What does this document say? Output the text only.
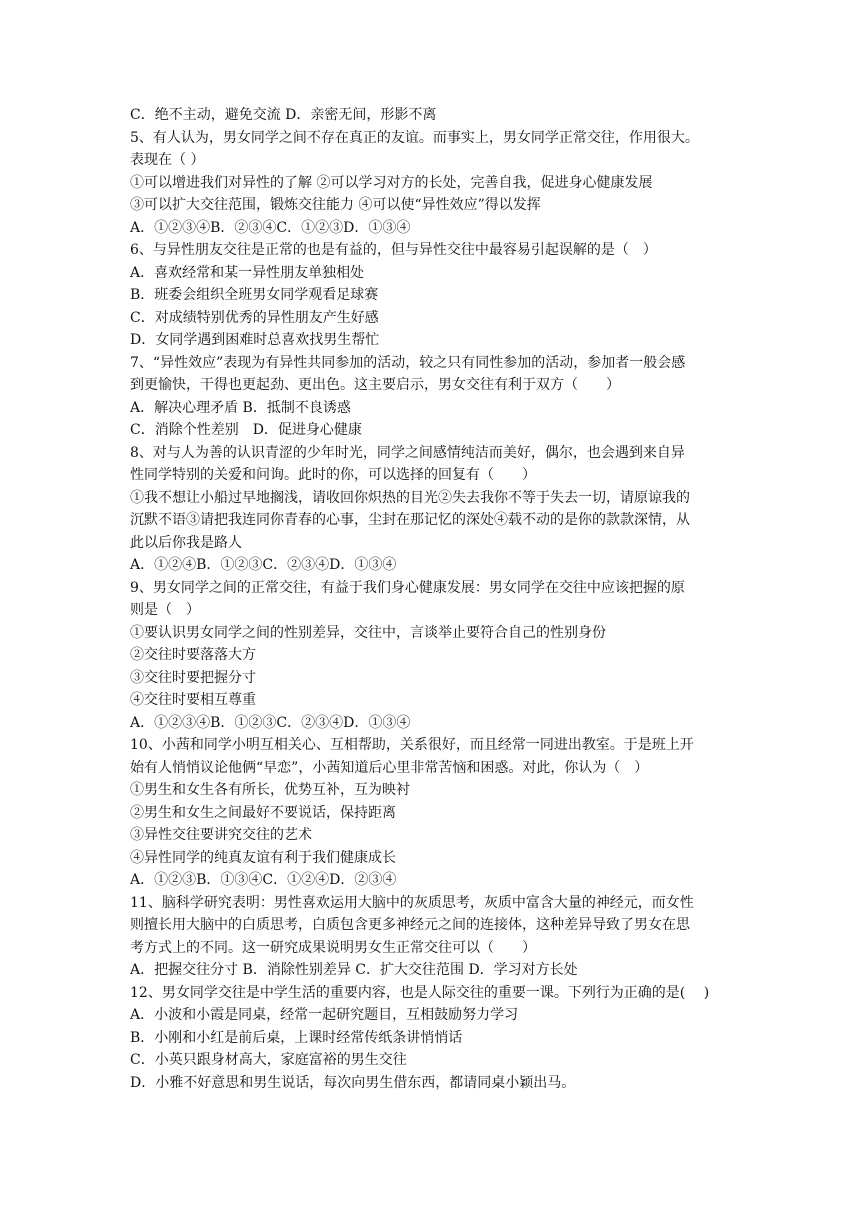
C．绝不主动，避免交流 D．亲密无间，形影不离
5、有人认为，男女同学之间不存在真正的友谊。而事实上，男女同学正常交往，作用很大。
表现在（ ）
①可以增进我们对异性的了解 ②可以学习对方的长处，完善自我，促进身心健康发展
③可以扩大交往范围，锻炼交往能力 ④可以使“异性效应”得以发挥
A．①②③④B．②③④C．①②③D．①③④
6、与异性朋友交往是正常的也是有益的，但与异性交往中最容易引起误解的是（　）
A．喜欢经常和某一异性朋友单独相处
B．班委会组织全班男女同学观看足球赛
C．对成绩特别优秀的异性朋友产生好感
D．女同学遇到困难时总喜欢找男生帮忙
7、“异性效应”表现为有异性共同参加的活动，较之只有同性参加的活动，参加者一般会感
到更愉快，干得也更起劲、更出色。这主要启示，男女交往有利于双方（　　）
A．解决心理矛盾 B．抵制不良诱惑
C．消除个性差别　D．促进身心健康
8、对与人为善的认识青涩的少年时光，同学之间感情纯洁而美好，偶尔，也会遇到来自异
性同学特别的关爱和问询。此时的你，可以选择的回复有（　　）
①我不想让小船过早地搁浅，请收回你炽热的目光②失去我你不等于失去一切，请原谅我的
沉默不语③请把我连同你青春的心事，尘封在那记忆的深处④载不动的是你的款款深情，从
此以后你我是路人
A．①②④B．①②③C．②③④D．①③④
9、男女同学之间的正常交往，有益于我们身心健康发展：男女同学在交往中应该把握的原
则是（　）
①要认识男女同学之间的性别差异，交往中，言谈举止要符合自己的性别身份
②交往时要落落大方
③交往时要把握分寸
④交往时要相互尊重
A．①②③④B．①②③C．②③④D．①③④
10、小茜和同学小明互相关心、互相帮助，关系很好，而且经常一同进出教室。于是班上开
始有人悄悄议论他俩“早恋”，小茜知道后心里非常苦恼和困惑。对此，你认为（　）
①男生和女生各有所长，优势互补，互为映衬
②男生和女生之间最好不要说话，保持距离
③异性交往要讲究交往的艺术
④异性同学的纯真友谊有利于我们健康成长
A．①②③B．①③④C．①②④D．②③④
11、脑科学研究表明：男性喜欢运用大脑中的灰质思考，灰质中富含大量的神经元，而女性
则擅长用大脑中的白质思考，白质包含更多神经元之间的连接体，这种差异导致了男女在思
考方式上的不同。这一研究成果说明男女生正常交往可以（　　）
A．把握交往分寸 B．消除性别差异 C．扩大交往范围 D．学习对方长处
12、男女同学交往是中学生活的重要内容，也是人际交往的重要一课。下列行为正确的是(　 )
A．小波和小霞是同桌，经常一起研究题目，互相鼓励努力学习
B．小刚和小红是前后桌，上课时经常传纸条讲悄悄话
C．小英只跟身材高大，家庭富裕的男生交往
D．小雅不好意思和男生说话，每次向男生借东西，都请同桌小颖出马。
